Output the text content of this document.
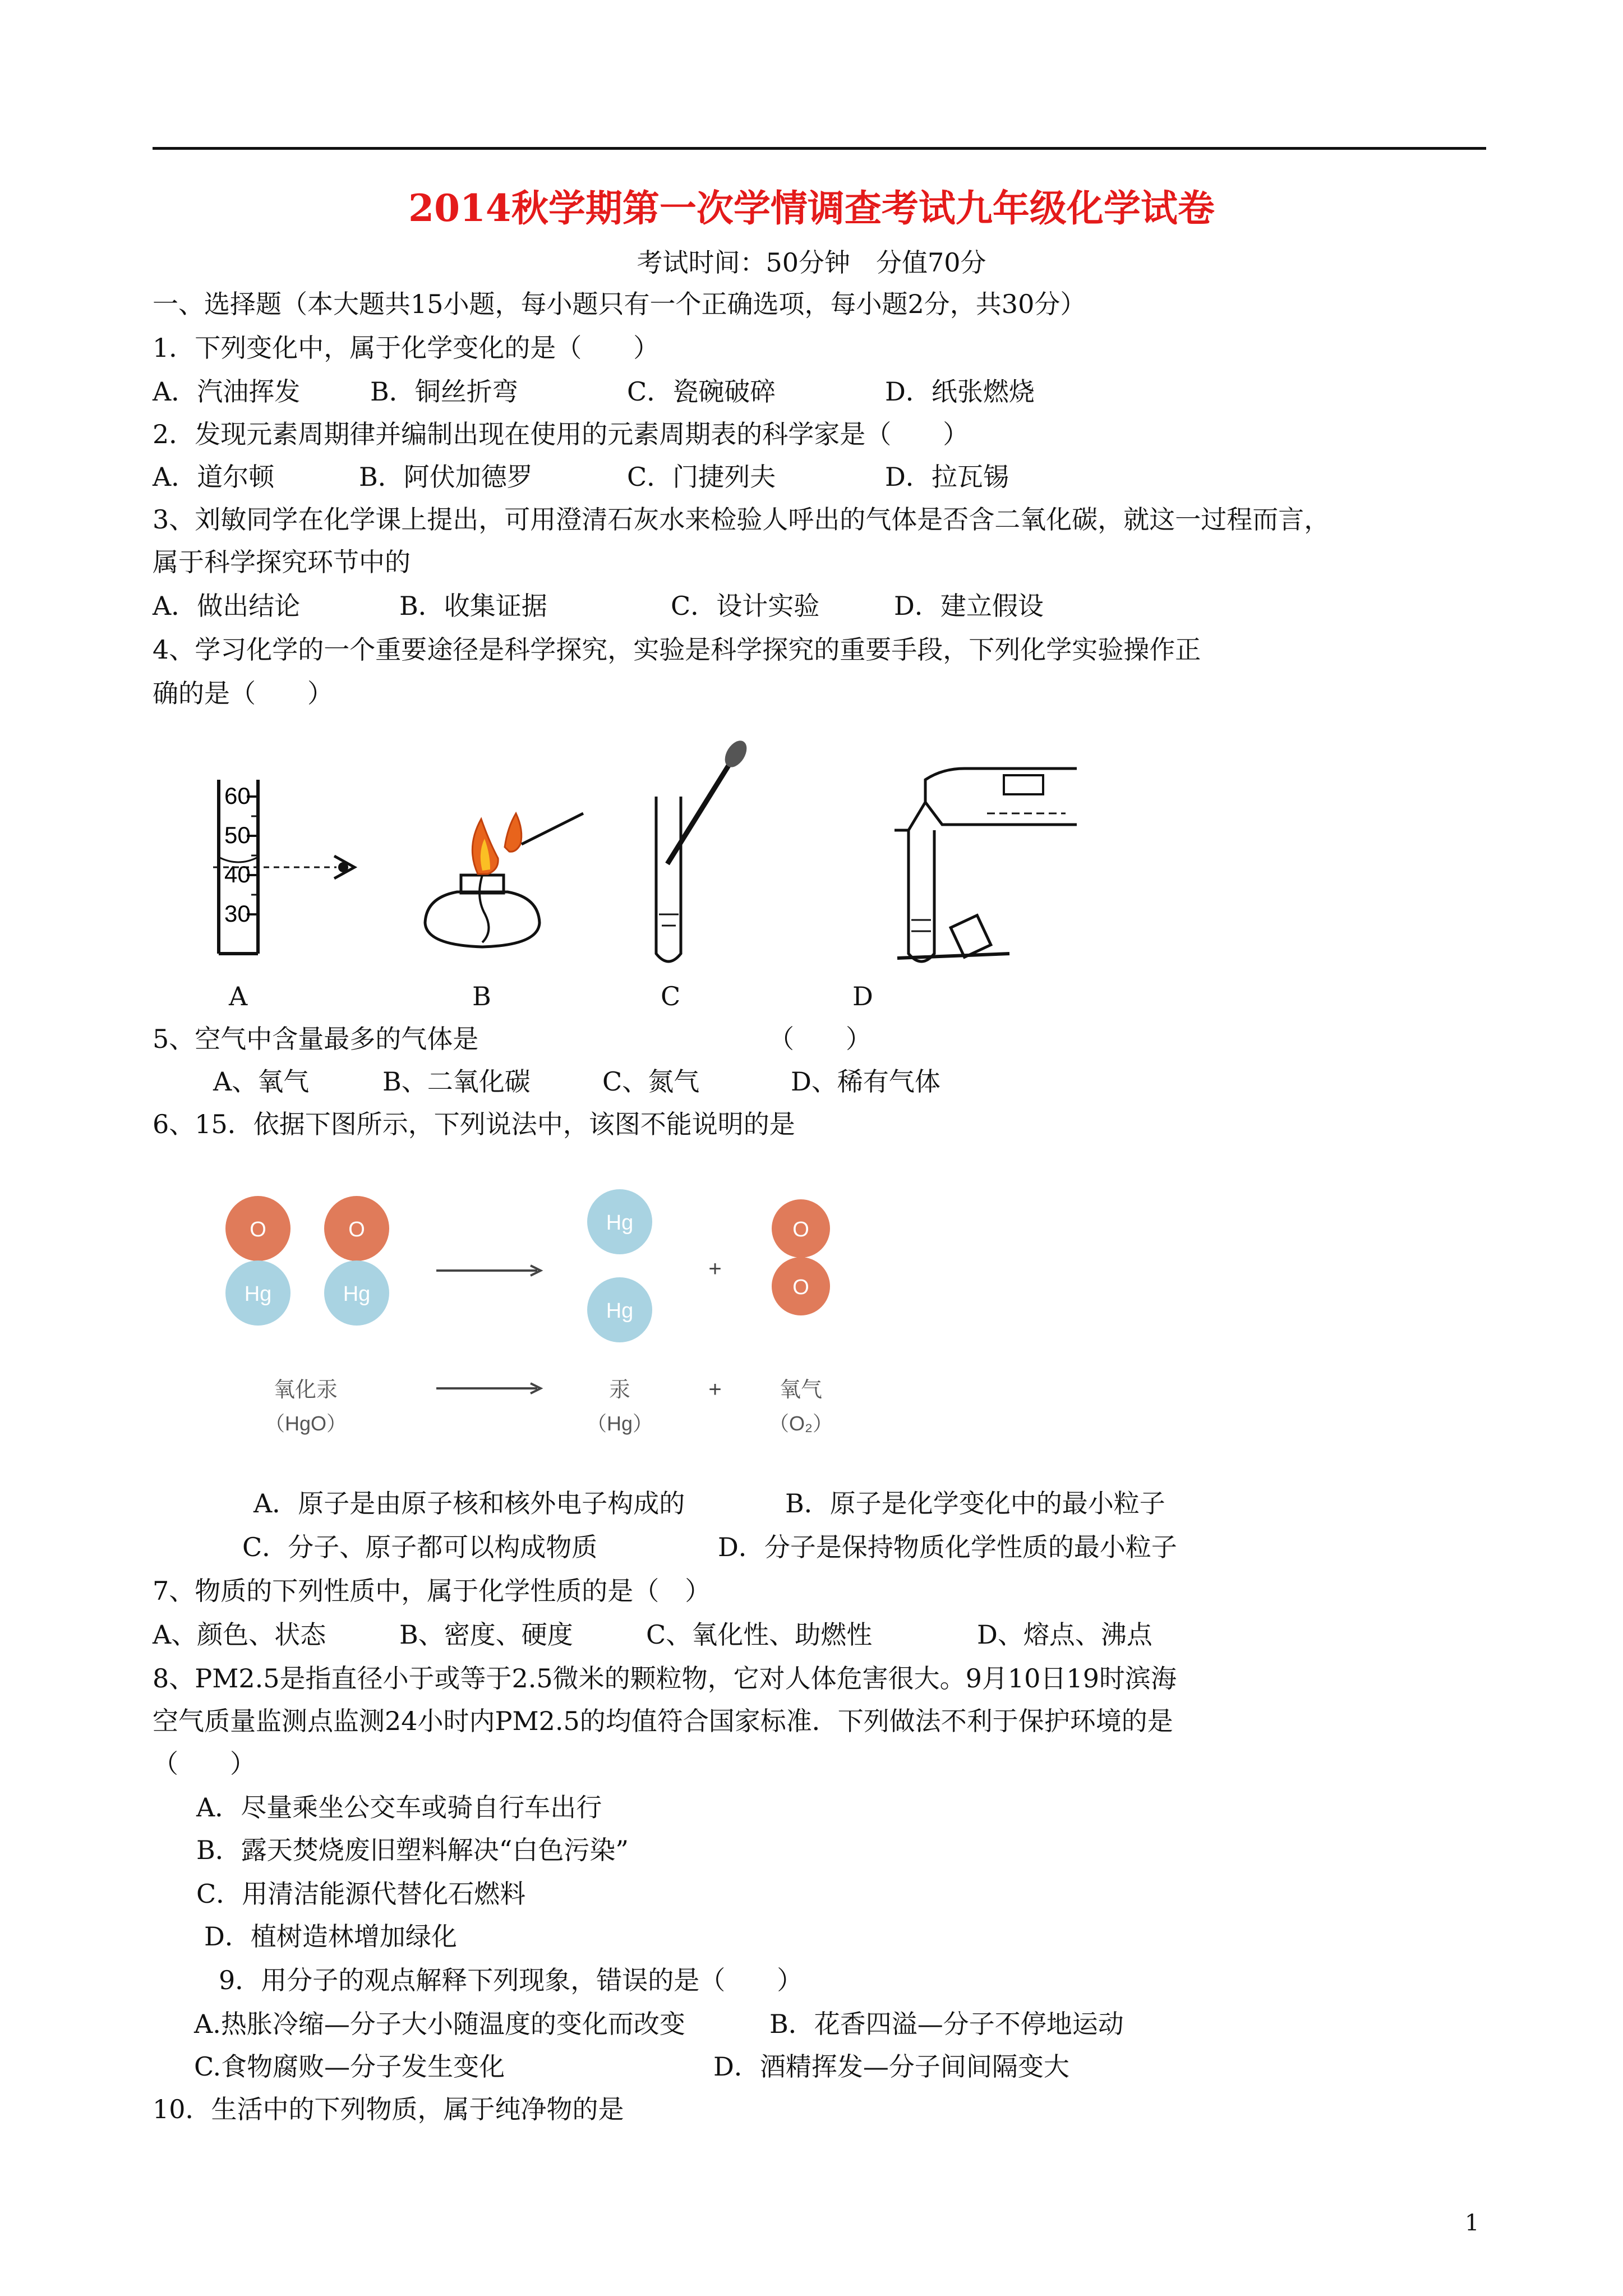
2014秋学期第一次学情调查考试九年级化学试卷
考试时间：50分钟　分值70分
一、选择题（本大题共15小题，每小题只有一个正确选项，每小题2分，共30分）
1．下列变化中，属于化学变化的是（　　）
A．汽油挥发	B．铜丝折弯	C．瓷碗破碎	D．纸张燃烧
2．发现元素周期律并编制出现在使用的元素周期表的科学家是（　　）
A．道尔顿	B．阿伏加德罗	C．门捷列夫	D．拉瓦锡
3、刘敏同学在化学课上提出，可用澄清石灰水来检验人呼出的气体是否含二氧化碳，就这一过程而言，
属于科学探究环节中的
A．做出结论	B．收集证据	C．设计实验	D．建立假设
4、学习化学的一个重要途径是科学探究，实验是科学探究的重要手段，下列化学实验操作正
确的是（　　）
60
50
40
30
A	B	C	D
5、空气中含量最多的气体是	（　　）
A、氧气	B、二氧化碳	C、氮气	D、稀有气体
6、15．依据下图所示，下列说法中，该图不能说明的是
O
Hg
O
Hg
Hg
Hg
+
+
O
O
氧化汞
（HgO）
汞
（Hg）
氧气
（O₂）
A．原子是由原子核和核外电子构成的	B．原子是化学变化中的最小粒子
C．分子、原子都可以构成物质	D．分子是保持物质化学性质的最小粒子
7、物质的下列性质中，属于化学性质的是（　）
A、颜色、状态	B、密度、硬度	C、氧化性、助燃性	D、熔点、沸点
8、PM2.5是指直径小于或等于2.5微米的颗粒物，它对人体危害很大。9月10日19时滨海
空气质量监测点监测24小时内PM2.5的均值符合国家标准．下列做法不利于保护环境的是
（　　）
A．尽量乘坐公交车或骑自行车出行
B．露天焚烧废旧塑料解决“白色污染”
C．用清洁能源代替化石燃料
D．植树造林增加绿化
9．用分子的观点解释下列现象，错误的是（　　）
A.热胀冷缩—分子大小随温度的变化而改变	B．花香四溢—分子不停地运动
C.食物腐败—分子发生变化	D．酒精挥发—分子间间隔变大
10．生活中的下列物质，属于纯净物的是
1
